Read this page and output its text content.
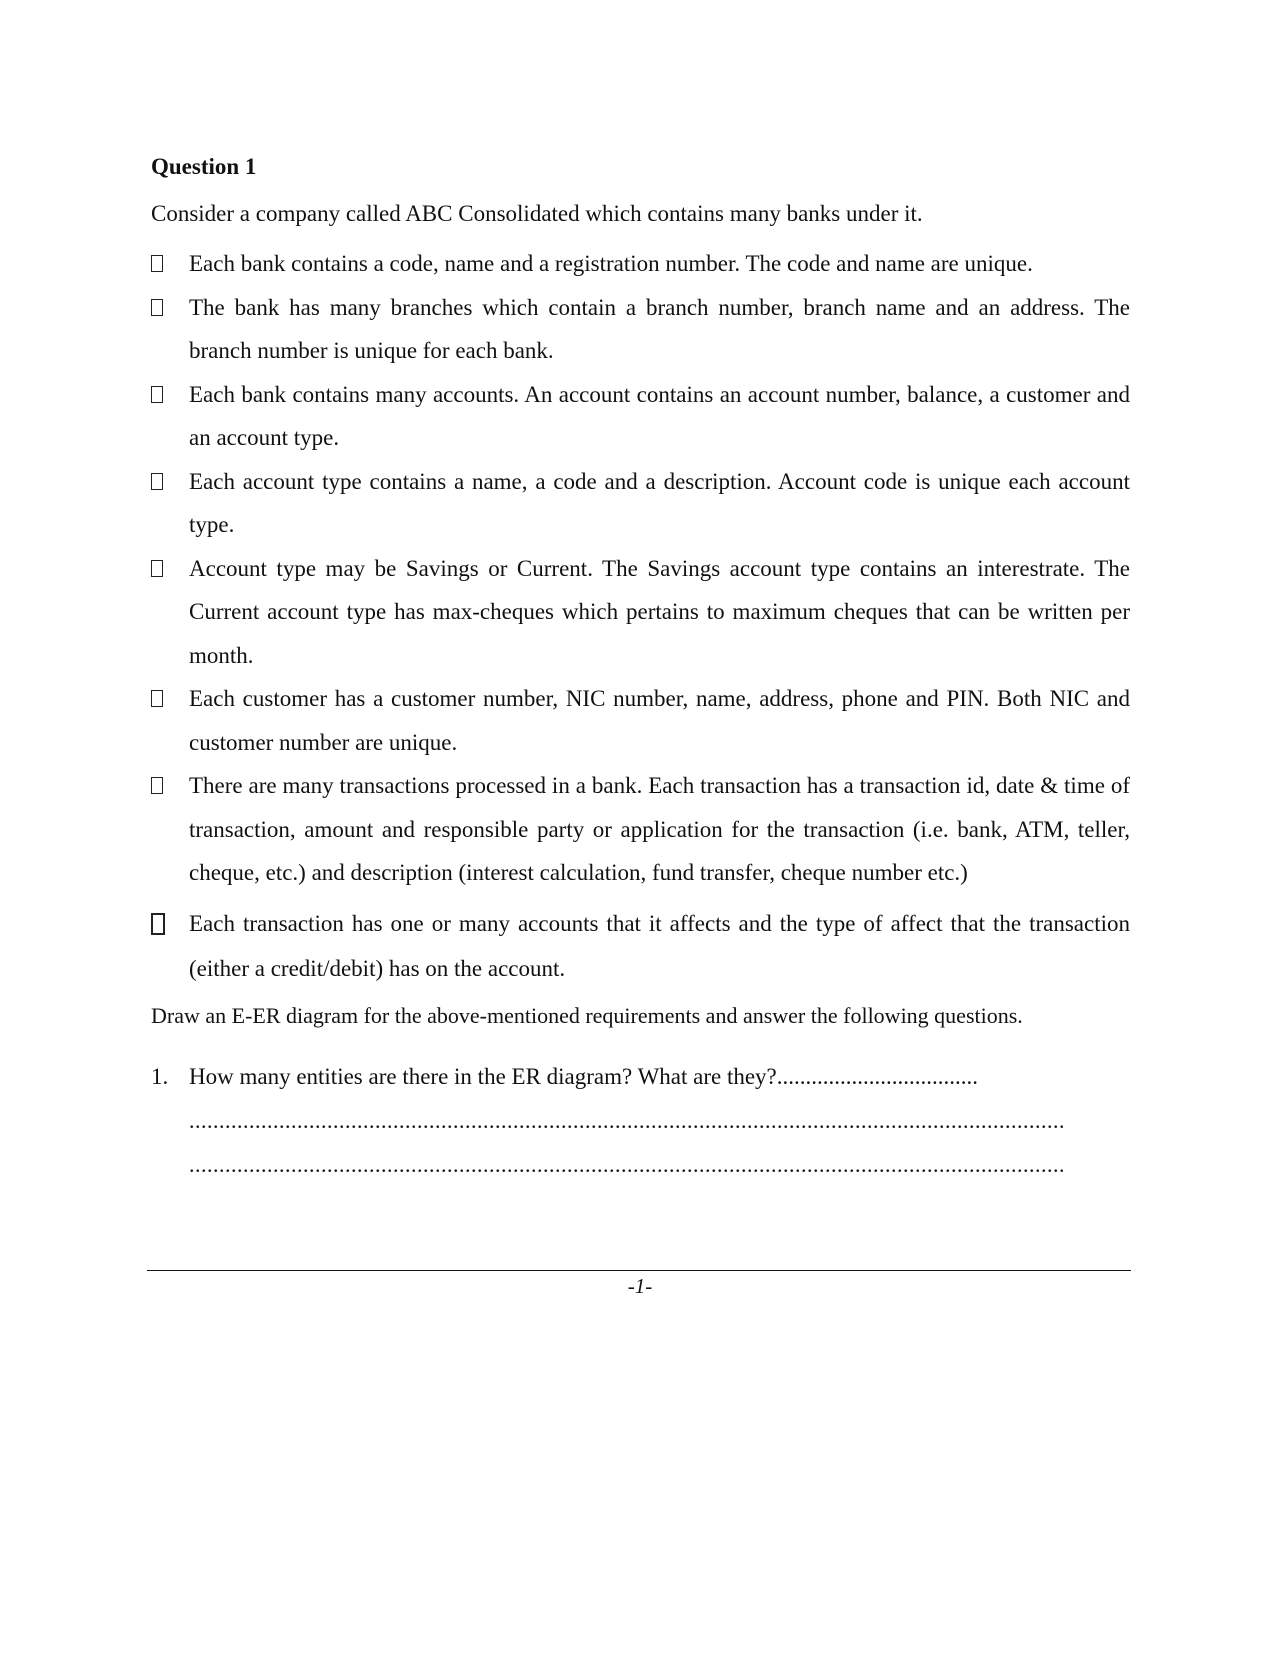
Question 1
Consider a company called ABC Consolidated which contains many banks under it.
Each bank contains a code, name and a registration number. The code and name are unique.
The bank has many branches which contain a branch number, branch name and an address. The branch number is unique for each bank.
Each bank contains many accounts. An account contains an account number, balance, a customer and an account type.
Each account type contains a name, a code and a description. Account code is unique each account type.
Account type may be Savings or Current. The Savings account type contains an interestrate. The Current account type has max-cheques which pertains to maximum cheques that can be written per month.
Each customer has a customer number, NIC number, name, address, phone and PIN. Both NIC and customer number are unique.
There are many transactions processed in a bank. Each transaction has a transaction id, date & time of transaction, amount and responsible party or application for the transaction (i.e. bank, ATM, teller, cheque, etc.) and description (interest calculation, fund transfer, cheque number etc.)
Each transaction has one or many accounts that it affects and the type of affect that the transaction (either a credit/debit) has on the account.
Draw an E-ER diagram for the above-mentioned requirements and answer the following questions.
1. How many entities are there in the ER diagram? What are they?...................................
..................................................................................................................................................
..................................................................................................................................................
-1-
